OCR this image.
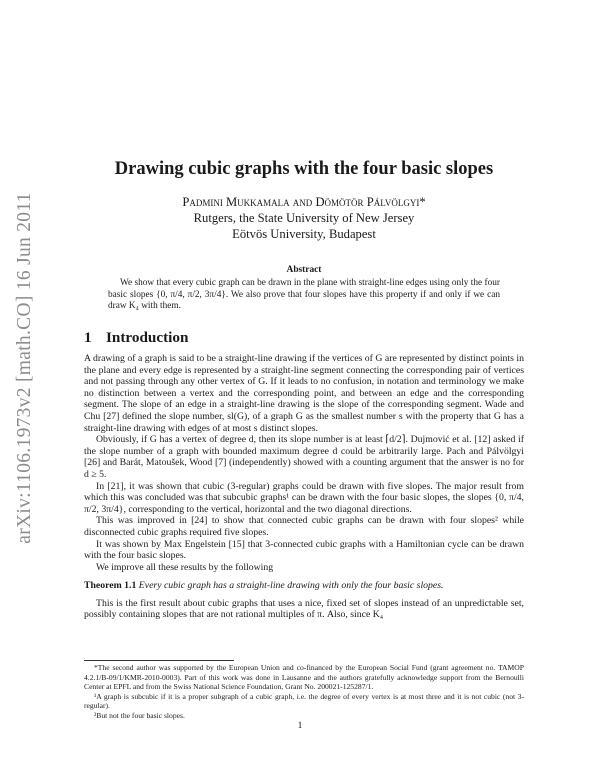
arXiv:1106.1973v2 [math.CO] 16 Jun 2011
Drawing cubic graphs with the four basic slopes
Padmini Mukkamala and Dömötör Pálvölgyi*
Rutgers, the State University of New Jersey
Eötvös University, Budapest
Abstract
We show that every cubic graph can be drawn in the plane with straight-line edges using only the four basic slopes {0, π/4, π/2, 3π/4}. We also prove that four slopes have this property if and only if we can draw K₄ with them.
1 Introduction

A drawing of a graph is said to be a straight-line drawing if the vertices of G are represented by distinct points in the plane and every edge is represented by a straight-line segment connecting the corresponding pair of vertices and not passing through any other vertex of G. If it leads to no confusion, in notation and terminology we make no distinction between a vertex and the corresponding point, and between an edge and the corresponding segment. The slope of an edge in a straight-line drawing is the slope of the corresponding segment. Wade and Chu [27] defined the slope number, sl(G), of a graph G as the smallest number s with the property that G has a straight-line drawing with edges of at most s distinct slopes.

Obviously, if G has a vertex of degree d, then its slope number is at least ⌈d/2⌉. Dujmović et al. [12] asked if the slope number of a graph with bounded maximum degree d could be arbitrarily large. Pach and Pálvölgyi [26] and Barát, Matoušek, Wood [7] (independently) showed with a counting argument that the answer is no for d ≥ 5.

In [21], it was shown that cubic (3-regular) graphs could be drawn with five slopes. The major result from which this was concluded was that subcubic graphs¹ can be drawn with the four basic slopes, the slopes {0, π/4, π/2, 3π/4}, corresponding to the vertical, horizontal and the two diagonal directions.

This was improved in [24] to show that connected cubic graphs can be drawn with four slopes² while disconnected cubic graphs required five slopes.

It was shown by Max Engelstein [15] that 3-connected cubic graphs with a Hamiltonian cycle can be drawn with the four basic slopes.

We improve all these results by the following

Theorem 1.1 Every cubic graph has a straight-line drawing with only the four basic slopes.

This is the first result about cubic graphs that uses a nice, fixed set of slopes instead of an unpredictable set, possibly containing slopes that are not rational multiples of π. Also, since K₄

*The second author was supported by the European Union and co-financed by the European Social Fund (grant agreement no. TAMOP 4.2.1/B-09/1/KMR-2010-0003). Part of this work was done in Lausanne and the authors gratefully acknowledge support from the Bernoulli Center at EPFL and from the Swiss National Science Foundation, Grant No. 200021-125287/1.

¹A graph is subcubic if it is a proper subgraph of a cubic graph, i.e. the degree of every vertex is at most three and it is not cubic (not 3-regular).

²But not the four basic slopes.

1
